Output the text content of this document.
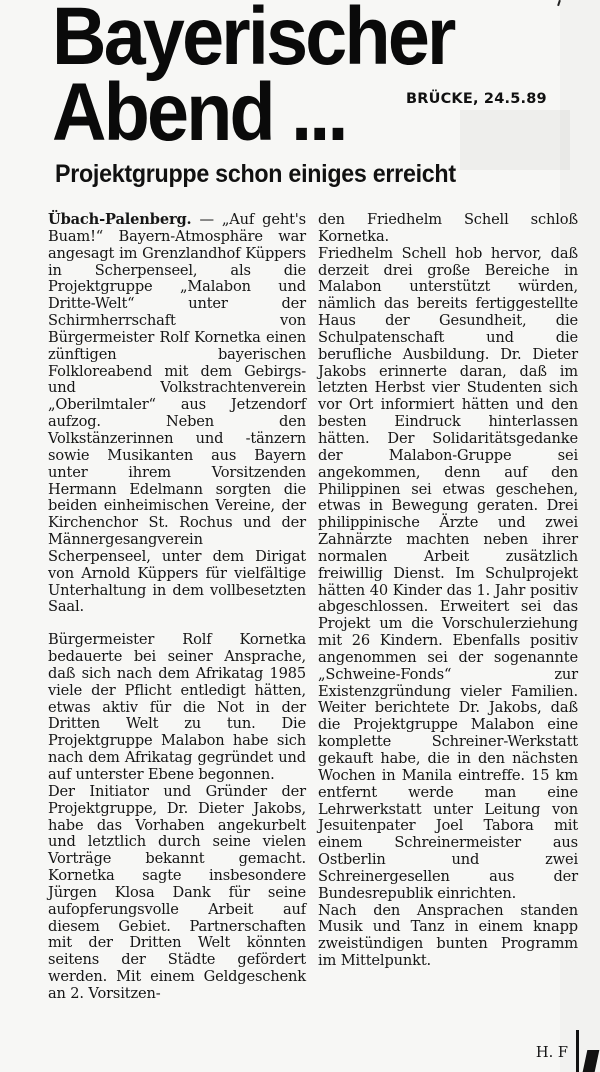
Bayerischer
Abend ...	BRÜCKE, 24.5.89
Projektgruppe schon einiges erreicht

Übach-Palenberg. — „Auf geht's Buam!“ Bayern-Atmosphäre war angesagt im Grenzlandhof Küppers in Scherpenseel, als die Projektgruppe „Malabon und Dritte-Welt“ unter der Schirmherrschaft von Bürgermeister Rolf Kornetka einen zünftigen bayerischen Folkloreabend mit dem Gebirgs- und Volkstrachtenverein „Oberilmtaler“ aus Jetzendorf aufzog. Neben den Volkstänzerinnen und -tänzern sowie Musikanten aus Bayern unter ihrem Vorsitzenden Hermann Edelmann sorgten die beiden einheimischen Vereine, der Kirchenchor St. Rochus und der Männergesangverein Scherpenseel, unter dem Dirigat von Arnold Küppers für vielfältige Unterhaltung in dem vollbesetzten Saal.

Bürgermeister Rolf Kornetka bedauerte bei seiner Ansprache, daß sich nach dem Afrikatag 1985 viele der Pflicht entledigt hätten, etwas aktiv für die Not in der Dritten Welt zu tun. Die Projektgruppe Malabon habe sich nach dem Afrikatag gegründet und auf unterster Ebene begonnen.

Der Initiator und Gründer der Projektgruppe, Dr. Dieter Jakobs, habe das Vorhaben angekurbelt und letztlich durch seine vielen Vorträge bekannt gemacht. Kornetka sagte insbesondere Jürgen Klosa Dank für seine aufopferungsvolle Arbeit auf diesem Gebiet. Partnerschaften mit der Dritten Welt könnten seitens der Städte gefördert werden. Mit einem Geldgeschenk an 2. Vorsitzen-

den Friedhelm Schell schloß Kornetka.

Friedhelm Schell hob hervor, daß derzeit drei große Bereiche in Malabon unterstützt würden, nämlich das bereits fertiggestellte Haus der Gesundheit, die Schulpatenschaft und die berufliche Ausbildung. Dr. Dieter Jakobs erinnerte daran, daß im letzten Herbst vier Studenten sich vor Ort informiert hätten und den besten Eindruck hinterlassen hätten. Der Solidaritätsgedanke der Malabon-Gruppe sei angekommen, denn auf den Philippinen sei etwas geschehen, etwas in Bewegung geraten. Drei philippinische Ärzte und zwei Zahnärzte machten neben ihrer normalen Arbeit zusätzlich freiwillig Dienst. Im Schulprojekt hätten 40 Kinder das 1. Jahr positiv abgeschlossen. Erweitert sei das Projekt um die Vorschulerziehung mit 26 Kindern. Ebenfalls positiv angenommen sei der sogenannte „Schweine-Fonds“ zur Existenzgründung vieler Familien. Weiter berichtete Dr. Jakobs, daß die Projektgruppe Malabon eine komplette Schreiner-Werkstatt gekauft habe, die in den nächsten Wochen in Manila eintreffe. 15 km entfernt werde man eine Lehrwerkstatt unter Leitung von Jesuitenpater Joel Tabora mit einem Schreinermeister aus Ostberlin und zwei Schreinergesellen aus der Bundesrepublik einrichten.

Nach den Ansprachen standen Musik und Tanz in einem knapp zweistündigen bunten Programm im Mittelpunkt.

H. F
